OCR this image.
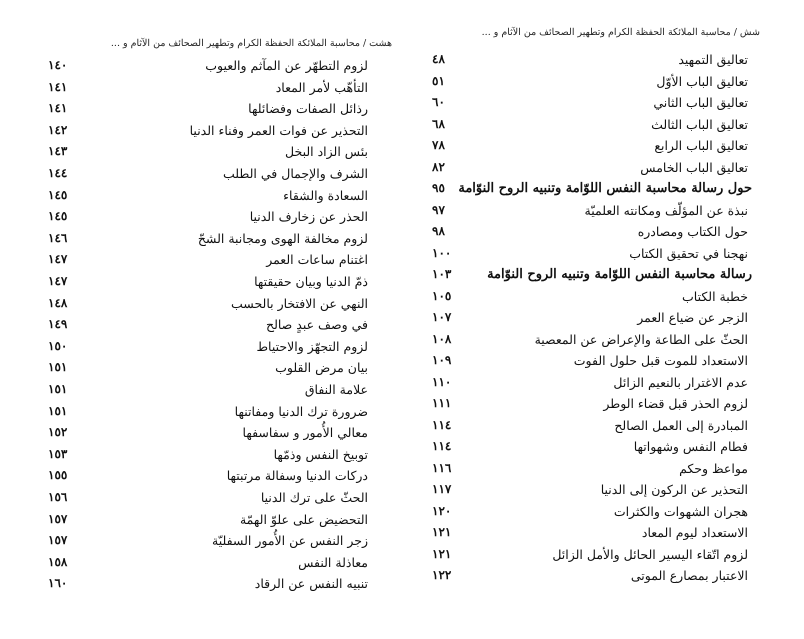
شش / محاسبة الملائكة الحفظة الكرام وتطهير الصحائف من الآثام و ...
تعاليق التمهيد
٤٨
تعاليق الباب الأوّل
٥١
تعاليق الباب الثاني
٦٠
تعاليق الباب الثالث
٦٨
تعاليق الباب الرابع
٧٨
تعاليق الباب الخامس
٨٢
حول رسالة محاسبة النفس اللوّامة وتنبيه الروح النوّامة
٩٥
نبذة عن المؤلّف ومكانته العلميّة
٩٧
حول الكتاب ومصادره
٩٨
نهجنا في تحقيق الكتاب
١٠٠
رسالة محاسبة النفس اللوّامة وتنبيه الروح النوّامة
١٠٣
خطبة الكتاب
١٠٥
الزجر عن ضياع العمر
١٠٧
الحثّ على الطاعة والإعراض عن المعصية
١٠٨
الاستعداد للموت قبل حلول الفوت
١٠٩
عدم الاغترار بالنعيم الزائل
١١٠
لزوم الحذر قبل قضاء الوطر
١١١
المبادرة إلى العمل الصالح
١١٤
فطام النفس وشهواتها
١١٤
مواعظ وحكم
١١٦
التحذير عن الركون إلى الدنيا
١١٧
هجران الشهوات والكثرات
١٢٠
الاستعداد ليوم المعاد
١٢١
لزوم اتّقاء اليسير الحائل والأمل الزائل
١٢١
الاعتبار بمصارع الموتى
١٢٢
هشت / محاسبة الملائكة الحفظة الكرام وتطهير الصحائف من الآثام و ...
لزوم التطهّر عن المآثم والعيوب
١٤٠
التأهّب لأمر المعاد
١٤١
رذائل الصفات وفضائلها
١٤١
التحذير عن فوات العمر وفناء الدنيا
١٤٢
بئس الزاد البخل
١٤٣
الشرف والإجمال في الطلب
١٤٤
السعادة والشقاء
١٤٥
الحذر عن زخارف الدنيا
١٤٥
لزوم مخالفة الهوى ومجانبة الشحّ
١٤٦
اغتنام ساعات العمر
١٤٧
ذمّ الدنيا وبيان حقيقتها
١٤٧
النهي عن الافتخار بالحسب
١٤٨
في وصف عبدٍ صالح
١٤٩
لزوم التجهّز والاحتياط
١٥٠
بيان مرض القلوب
١٥١
علامة النفاق
١٥١
ضرورة ترك الدنيا ومفاتنها
١٥١
معالي الأُمور و سفاسفها
١٥٢
توبيخ النفس وذمّها
١٥٣
دركات الدنيا وسفالة مرتبتها
١٥٥
الحثّ على ترك الدنيا
١٥٦
التحضيض على علوّ الهمّة
١٥٧
زجر النفس عن الأُمور السفليّة
١٥٧
معاذلة النفس
١٥٨
تنبيه النفس عن الرقاد
١٦٠
